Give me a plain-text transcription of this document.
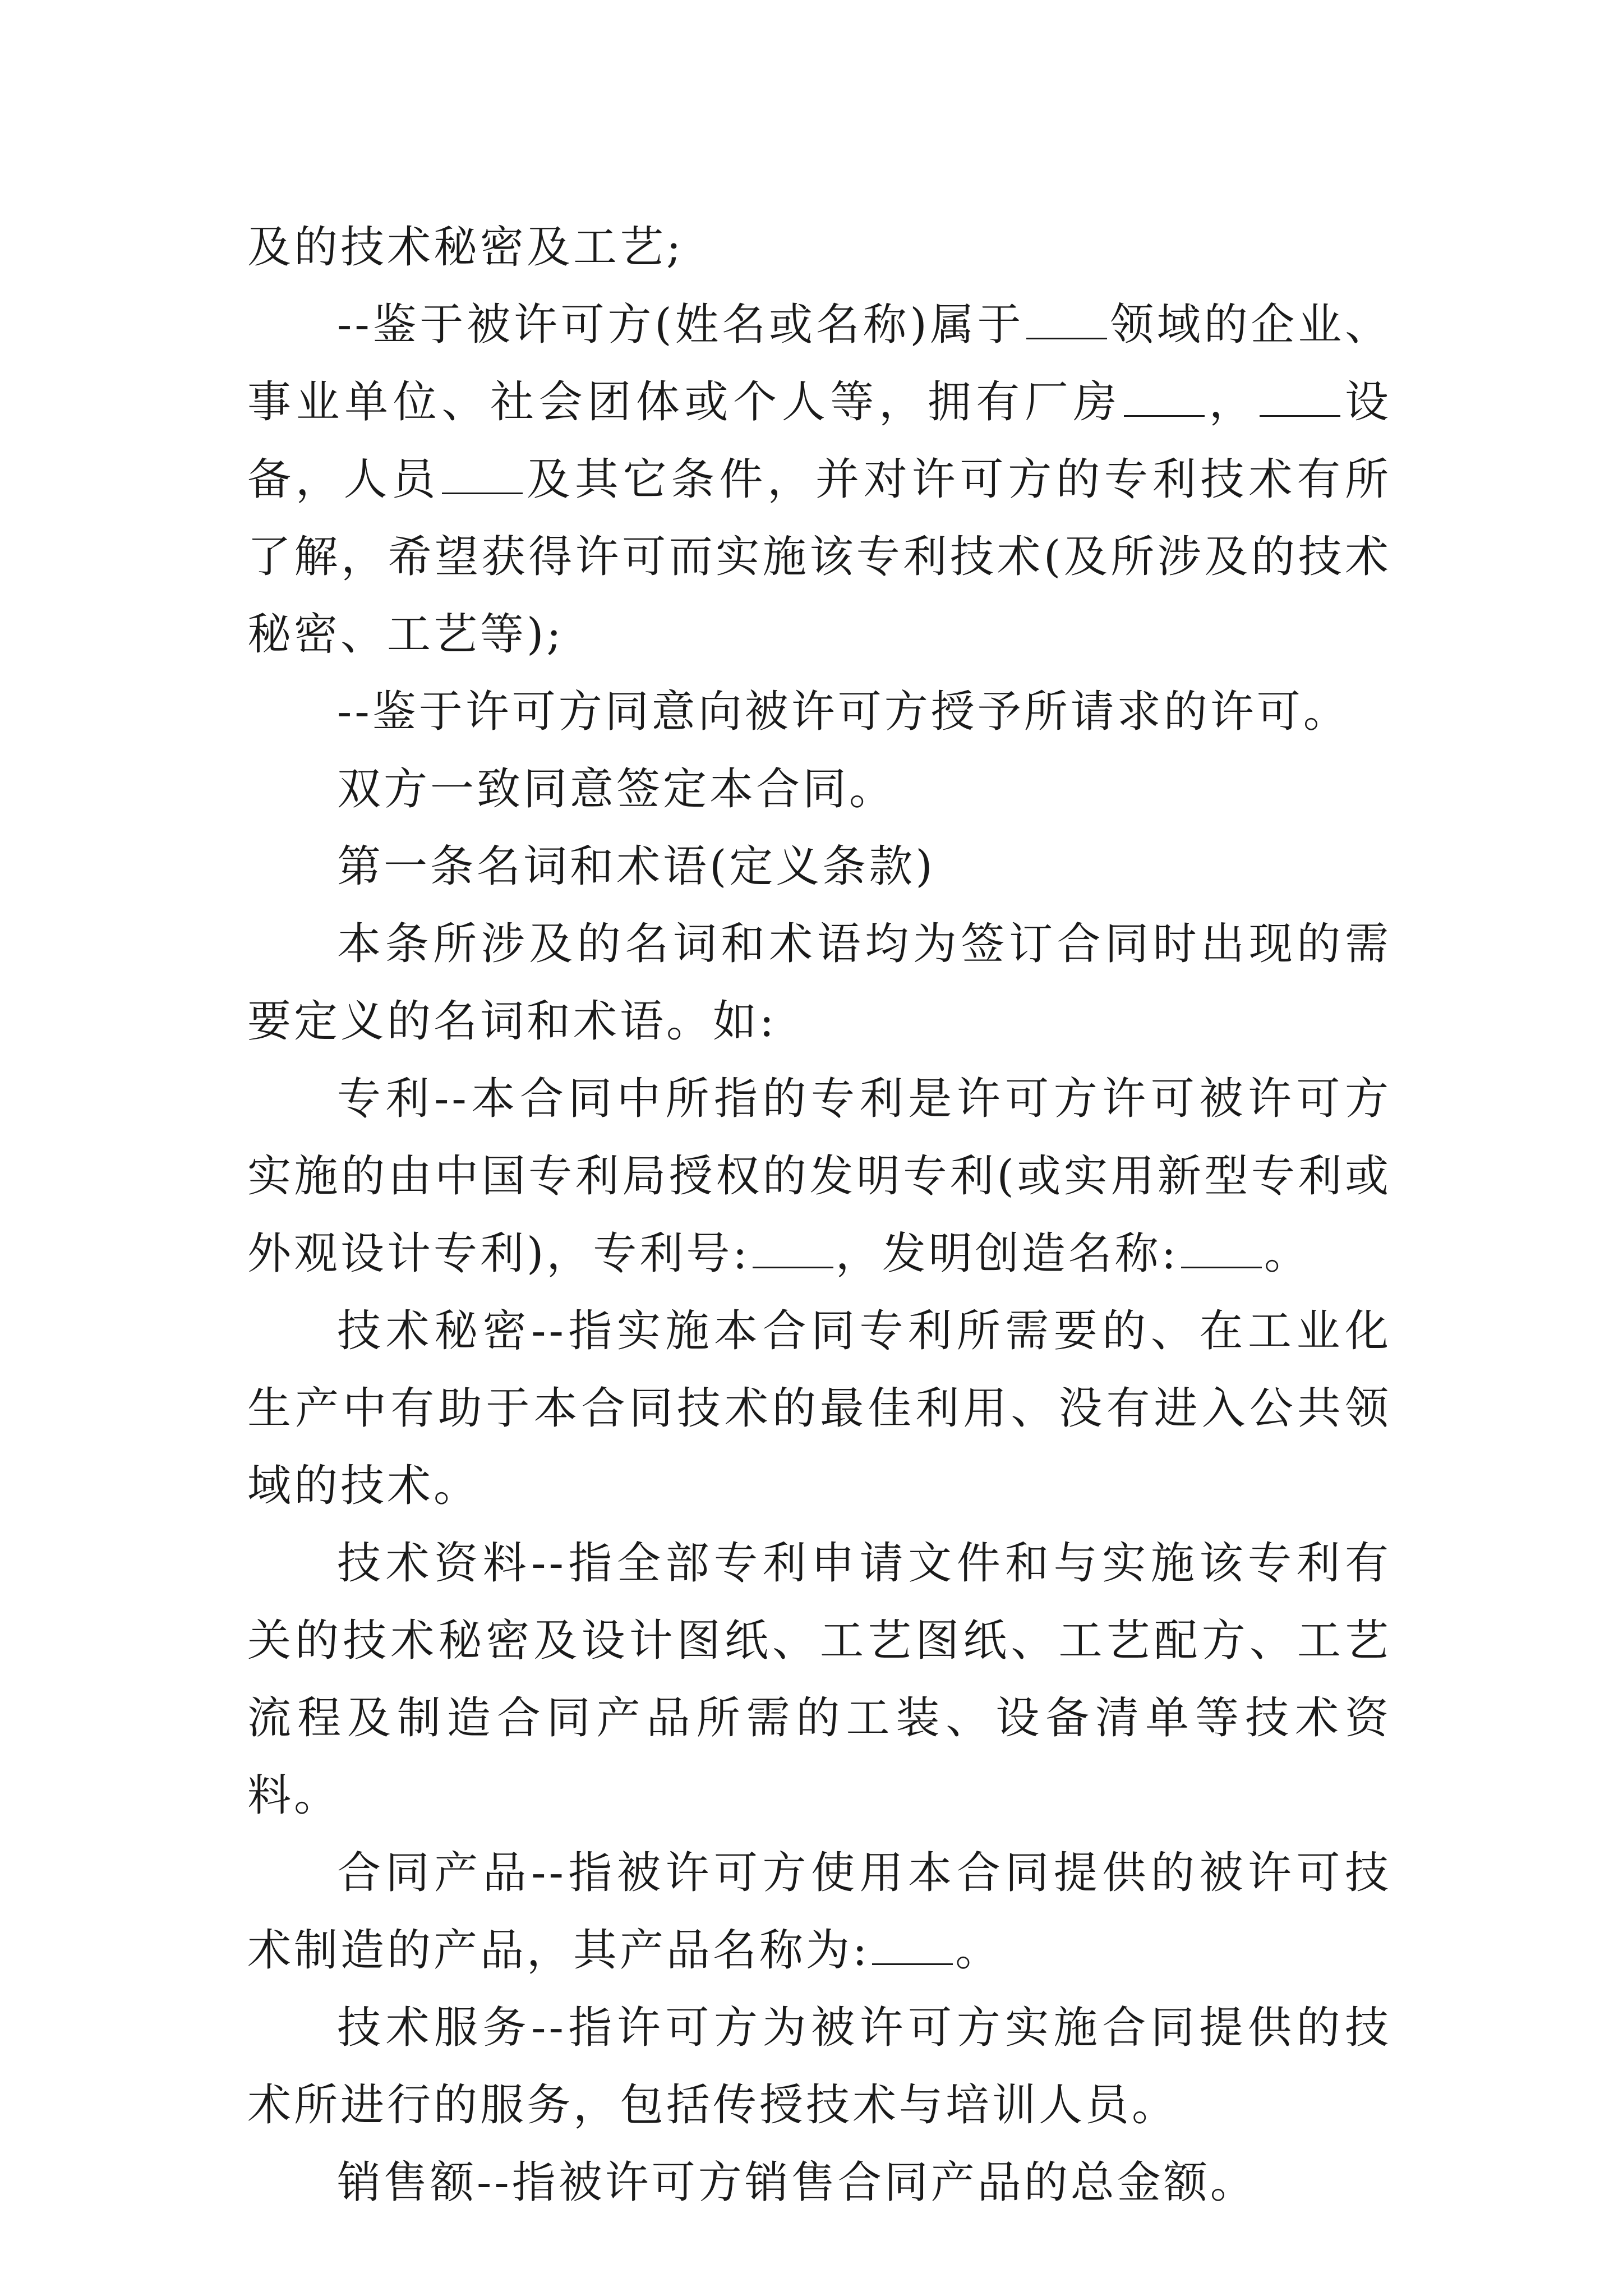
及的技术秘密及工艺;

--鉴于被许可方(姓名或名称)属于 领域的企业、事业单位、社会团体或个人等，拥有厂房 ， 设备，人员 及其它条件，并对许可方的专利技术有所了解，希望获得许可而实施该专利技术(及所涉及的技术秘密、工艺等);

--鉴于许可方同意向被许可方授予所请求的许可。

双方一致同意签定本合同。

第一条名词和术语(定义条款)

本条所涉及的名词和术语均为签订合同时出现的需要定义的名词和术语。如:

专利--本合同中所指的专利是许可方许可被许可方实施的由中国专利局授权的发明专利(或实用新型专利或外观设计专利)，专利号: ，发明创造名称: 。

技术秘密--指实施本合同专利所需要的、在工业化生产中有助于本合同技术的最佳利用、没有进入公共领域的技术。

技术资料--指全部专利申请文件和与实施该专利有关的技术秘密及设计图纸、工艺图纸、工艺配方、工艺流程及制造合同产品所需的工装、设备清单等技术资料。

合同产品--指被许可方使用本合同提供的被许可技术制造的产品，其产品名称为: 。

技术服务--指许可方为被许可方实施合同提供的技术所进行的服务，包括传授技术与培训人员。

销售额--指被许可方销售合同产品的总金额。
